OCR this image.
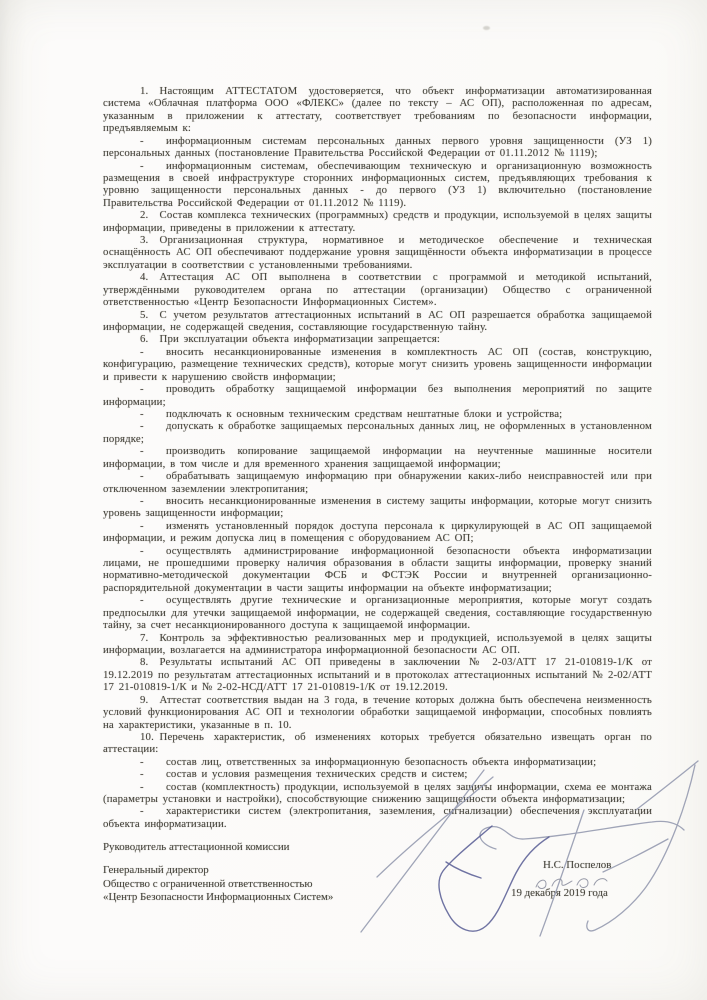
1.  Настоящим АТТЕСТАТОМ удостоверяется, что объект информатизации автоматизированная система «Облачная платформа ООО «ФЛЕКС» (далее по тексту – АС ОП), расположенная по адресам, указанным в приложении к аттестату, соответствует требованиям по безопасности информации, предъявляемым к:

-    информационным системам персональных данных первого уровня защищенности (УЗ 1) персональных данных (постановление Правительства Российской Федерации от 01.11.2012 № 1119);

-    информационным системам, обеспечивающим техническую и организационную возможность размещения в своей инфраструктуре сторонних информационных систем, предъявляющих требования к уровню защищенности персональных данных - до первого (УЗ 1) включительно (постановление Правительства Российской Федерации от 01.11.2012 № 1119).

2.  Состав комплекса технических (программных) средств и продукции, используемой в целях защиты информации, приведены в приложении к аттестату.

3.  Организационная структура, нормативное и методическое обеспечение и техническая оснащённость АС ОП обеспечивают поддержание уровня защищённости объекта информатизации в процессе эксплуатации в соответствии с установленными требованиями.

4.  Аттестация АС ОП выполнена в соответствии с программой и методикой испытаний, утверждёнными руководителем органа по аттестации (организации) Общество с ограниченной ответственностью «Центр Безопасности Информационных Систем».

5.  С учетом результатов аттестационных испытаний в АС ОП разрешается обработка защищаемой информации, не содержащей сведения, составляющие государственную тайну.

6.  При эксплуатации объекта информатизации запрещается:

-    вносить несанкционированные изменения в комплектность АС ОП (состав, конструкцию, конфигурацию, размещение технических средств), которые могут снизить уровень защищенности информации и привести к нарушению свойств информации;

-    проводить обработку защищаемой информации без выполнения мероприятий по защите информации;

-    подключать к основным техническим средствам нештатные блоки и устройства;

-    допускать к обработке защищаемых персональных данных лиц, не оформленных в установленном порядке;

-    производить копирование защищаемой информации на неучтенные машинные носители информации, в том числе и для временного хранения защищаемой информации;

-    обрабатывать защищаемую информацию при обнаружении каких-либо неисправностей или при отключенном заземлении электропитания;

-    вносить несанкционированные изменения в систему защиты информации, которые могут снизить уровень защищенности информации;

-    изменять установленный порядок доступа персонала к циркулирующей в АС ОП защищаемой информации, и режим допуска лиц в помещения с оборудованием АС ОП;

-    осуществлять администрирование информационной безопасности объекта информатизации лицами, не прошедшими проверку наличия образования в области защиты информации, проверку знаний нормативно-методической документации ФСБ и ФСТЭК России и внутренней организационно-распорядительной документации в части защиты информации на объекте информатизации;

-    осуществлять другие технические и организационные мероприятия, которые могут создать предпосылки для утечки защищаемой информации, не содержащей сведения, составляющие государственную тайну, за счет несанкционированного доступа к защищаемой информации.

7.  Контроль за эффективностью реализованных мер и продукцией, используемой в целях защиты информации, возлагается на администратора информационной безопасности АС ОП.

8.  Результаты испытаний АС ОП приведены в заключении № 2-03/АТТ 17 21-010819-1/К от 19.12.2019 по результатам аттестационных испытаний и в протоколах аттестационных испытаний № 2-02/АТТ 17 21-010819-1/К и № 2-02-НСД/АТТ 17 21-010819-1/К от 19.12.2019.

9.  Аттестат соответствия выдан на 3 года, в течение которых должна быть обеспечена неизменность условий функционирования АС ОП и технологии обработки защищаемой информации, способных повлиять на характеристики, указанные в п. 10.

10. Перечень характеристик, об изменениях которых требуется обязательно извещать орган по аттестации:

-    состав лиц, ответственных за информационную безопасность объекта информатизации;

-    состав и условия размещения технических средств и систем;

-    состав (комплектность) продукции, используемой в целях защиты информации, схема ее монтажа (параметры установки и настройки), способствующие снижению защищенности объекта информатизации;

-    характеристики систем (электропитания, заземления, сигнализации) обеспечения эксплуатации объекта информатизации.

Руководитель аттестационной комиссии

Генеральный директор

Общество с ограниченной ответственностью

«Центр Безопасности Информационных Систем»

Н.С. Поспелов
19 декабря 2019 года
